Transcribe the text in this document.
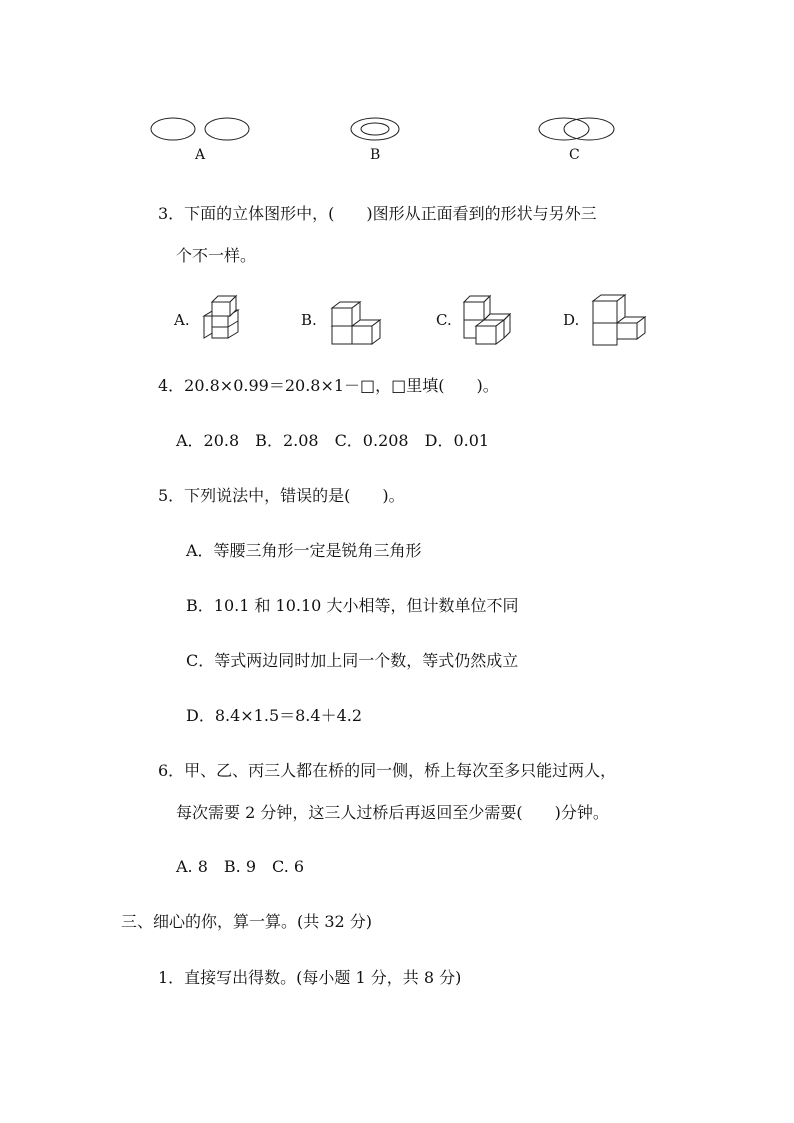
A	B	C
3．下面的立体图形中，(　　)图形从正面看到的形状与另外三
个不一样。
A.	B.	C.	D.
4．20.8×0.99＝20.8×1－□，□里填(　　)。
A．20.8　B．2.08　C．0.208　D．0.01
5．下列说法中，错误的是(　　)。
A．等腰三角形一定是锐角三角形
B．10.1 和 10.10 大小相等，但计数单位不同
C．等式两边同时加上同一个数，等式仍然成立
D．8.4×1.5＝8.4＋4.2
6．甲、乙、丙三人都在桥的同一侧，桥上每次至多只能过两人，
每次需要 2 分钟，这三人过桥后再返回至少需要(　　)分钟。
A. 8　B. 9　C. 6
三、细心的你，算一算。(共 32 分)
1．直接写出得数。(每小题 1 分，共 8 分)
